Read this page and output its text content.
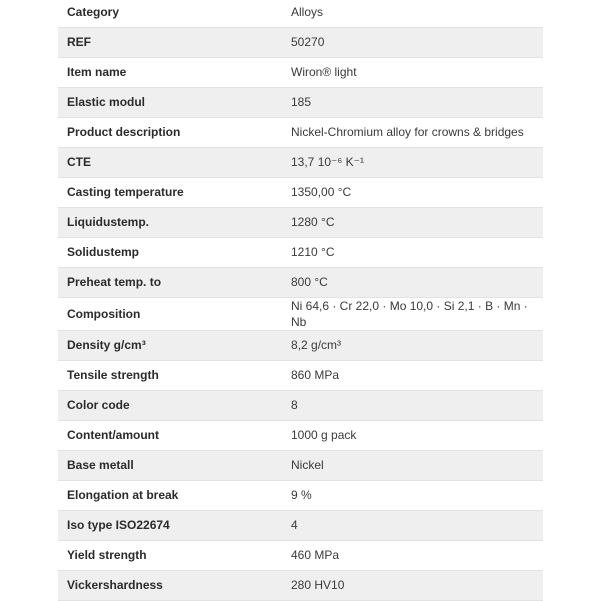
Category	Alloys
REF	50270
Item name	Wiron® light
Elastic modul	185
Product description	Nickel-Chromium alloy for crowns & bridges
CTE	13,7 10⁻⁶ K⁻¹
Casting temperature	1350,00 °C
Liquidustemp.	1280 °C
Solidustemp	1210 °C
Preheat temp. to	800 °C
Composition	Ni 64,6 · Cr 22,0 · Mo 10,0 · Si 2,1 · B · Mn · Nb
Density g/cm³	8,2 g/cm³
Tensile strength	860 MPa
Color code	8
Content/amount	1000 g pack
Base metall	Nickel
Elongation at break	9 %
Iso type ISO22674	4
Yield strength	460 MPa
Vickershardness	280 HV10
